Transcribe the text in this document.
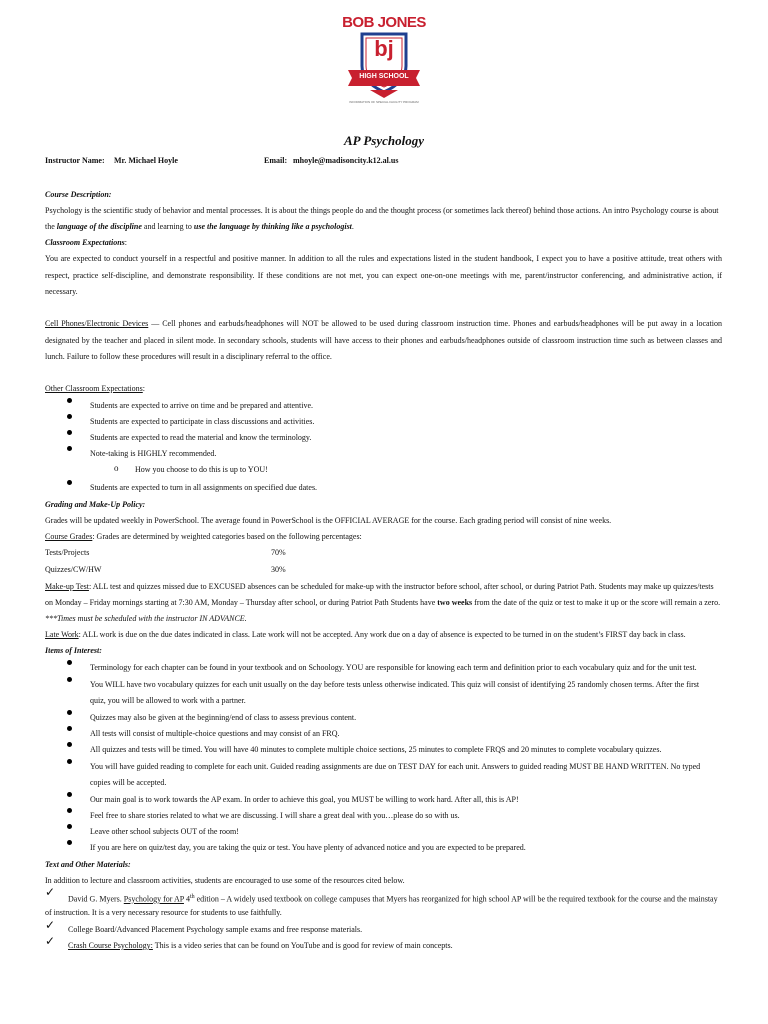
BOB JONES
bj
HIGH SCHOOL
INFORMATION OF SPECIAL FACILITY PROGRAM
AP Psychology
Instructor Name: Mr. Michael Hoyle	Email: mhoyle@madisoncity.k12.al.us
Course Description:
Psychology is the scientific study of behavior and mental processes. It is about the things people do and the thought process (or sometimes lack thereof) behind those actions. An intro Psychology course is about
the language of the discipline and learning to use the language by thinking like a psychologist.
Classroom Expectations:
You are expected to conduct yourself in a respectful and positive manner. In addition to all the rules and expectations listed in the student handbook, I expect you to have a positive attitude, treat others with respect, practice self-discipline, and demonstrate responsibility. If these conditions are not met, you can expect one-on-one meetings with me, parent/instructor conferencing, and administrative action, if necessary.
Cell Phones/Electronic Devices — Cell phones and earbuds/headphones will NOT be allowed to be used during classroom instruction time. Phones and earbuds/headphones will be put away in a location designated by the teacher and placed in silent mode. In secondary schools, students will have access to their phones and earbuds/headphones outside of classroom instruction time such as between classes and lunch. Failure to follow these procedures will result in a disciplinary referral to the office.
Other Classroom Expectations:
Students are expected to arrive on time and be prepared and attentive.
Students are expected to participate in class discussions and activities.
Students are expected to read the material and know the terminology.
Note-taking is HIGHLY recommended.
o How you choose to do this is up to YOU!
Students are expected to turn in all assignments on specified due dates.
Grading and Make-Up Policy:
Grades will be updated weekly in PowerSchool. The average found in PowerSchool is the OFFICIAL AVERAGE for the course. Each grading period will consist of nine weeks.
Course Grades: Grades are determined by weighted categories based on the following percentages:
Tests/Projects	70%
Quizzes/CW/HW	30%
Make-up Test: ALL test and quizzes missed due to EXCUSED absences can be scheduled for make-up with the instructor before school, after school, or during Patriot Path. Students may make up quizzes/tests
on Monday – Friday mornings starting at 7:30 AM, Monday – Thursday after school, or during Patriot Path Students have two weeks from the date of the quiz or test to make it up or the score will remain a zero.
***Times must be scheduled with the instructor IN ADVANCE.
Late Work: ALL work is due on the due dates indicated in class. Late work will not be accepted. Any work due on a day of absence is expected to be turned in on the student’s FIRST day back in class.
Items of Interest:
Terminology for each chapter can be found in your textbook and on Schoology. YOU are responsible for knowing each term and definition prior to each vocabulary quiz and for the unit test.
You WILL have two vocabulary quizzes for each unit usually on the day before tests unless otherwise indicated. This quiz will consist of identifying 25 randomly chosen terms. After the first
quiz, you will be allowed to work with a partner.
Quizzes may also be given at the beginning/end of class to assess previous content.
All tests will consist of multiple-choice questions and may consist of an FRQ.
All quizzes and tests will be timed. You will have 40 minutes to complete multiple choice sections, 25 minutes to complete FRQS and 20 minutes to complete vocabulary quizzes.
You will have guided reading to complete for each unit. Guided reading assignments are due on TEST DAY for each unit. Answers to guided reading MUST BE HAND WRITTEN. No typed
copies will be accepted.
Our main goal is to work towards the AP exam. In order to achieve this goal, you MUST be willing to work hard. After all, this is AP!
Feel free to share stories related to what we are discussing. I will share a great deal with you…please do so with us.
Leave other school subjects OUT of the room!
If you are here on quiz/test day, you are taking the quiz or test. You have plenty of advanced notice and you are expected to be prepared.
Text and Other Materials:
In addition to lecture and classroom activities, students are encouraged to use some of the resources cited below.
✓
David G. Myers. Psychology for AP 4th edition – A widely used textbook on college campuses that Myers has reorganized for high school AP will be the required textbook for the course and the mainstay
of instruction. It is a very necessary resource for students to use faithfully.
✓ College Board/Advanced Placement Psychology sample exams and free response materials.
✓ Crash Course Psychology: This is a video series that can be found on YouTube and is good for review of main concepts.
